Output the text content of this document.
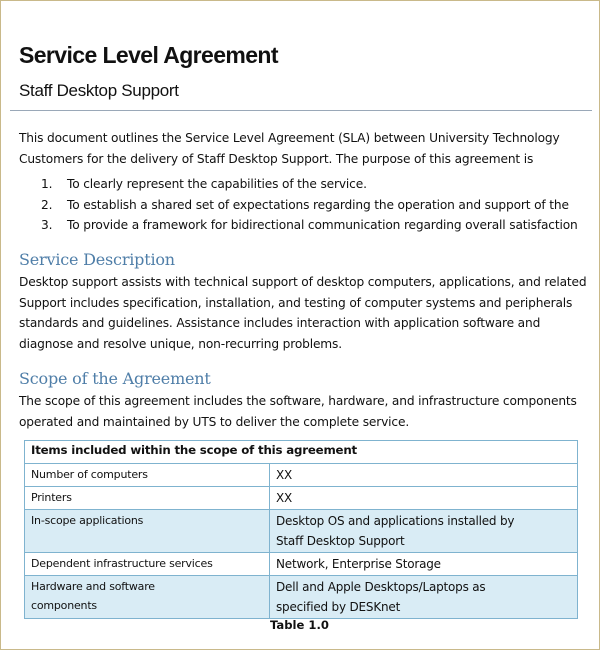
Service Level Agreement
Staff Desktop Support
This document outlines the Service Level Agreement (SLA) between University Technology
Customers for the delivery of Staff Desktop Support. The purpose of this agreement is
1.	To clearly represent the capabilities of the service.
2.	To establish a shared set of expectations regarding the operation and support of the
3.	To provide a framework for bidirectional communication regarding overall satisfaction
Service Description
Desktop support assists with technical support of desktop computers, applications, and related
Support includes specification, installation, and testing of computer systems and peripherals
standards and guidelines. Assistance includes interaction with application software and
diagnose and resolve unique, non-recurring problems.
Scope of the Agreement
The scope of this agreement includes the software, hardware, and infrastructure components
operated and maintained by UTS to deliver the complete service.
Items included within the scope of this agreement	
Number of computers	XX

Printers	XX

In-scope applications	Desktop OS and applications installed by
Staff Desktop Support

Dependent infrastructure services	Network, Enterprise Storage

Hardware and software components	Dell and Apple Desktops/Laptops as
specified by DESKnet
Table 1.0
